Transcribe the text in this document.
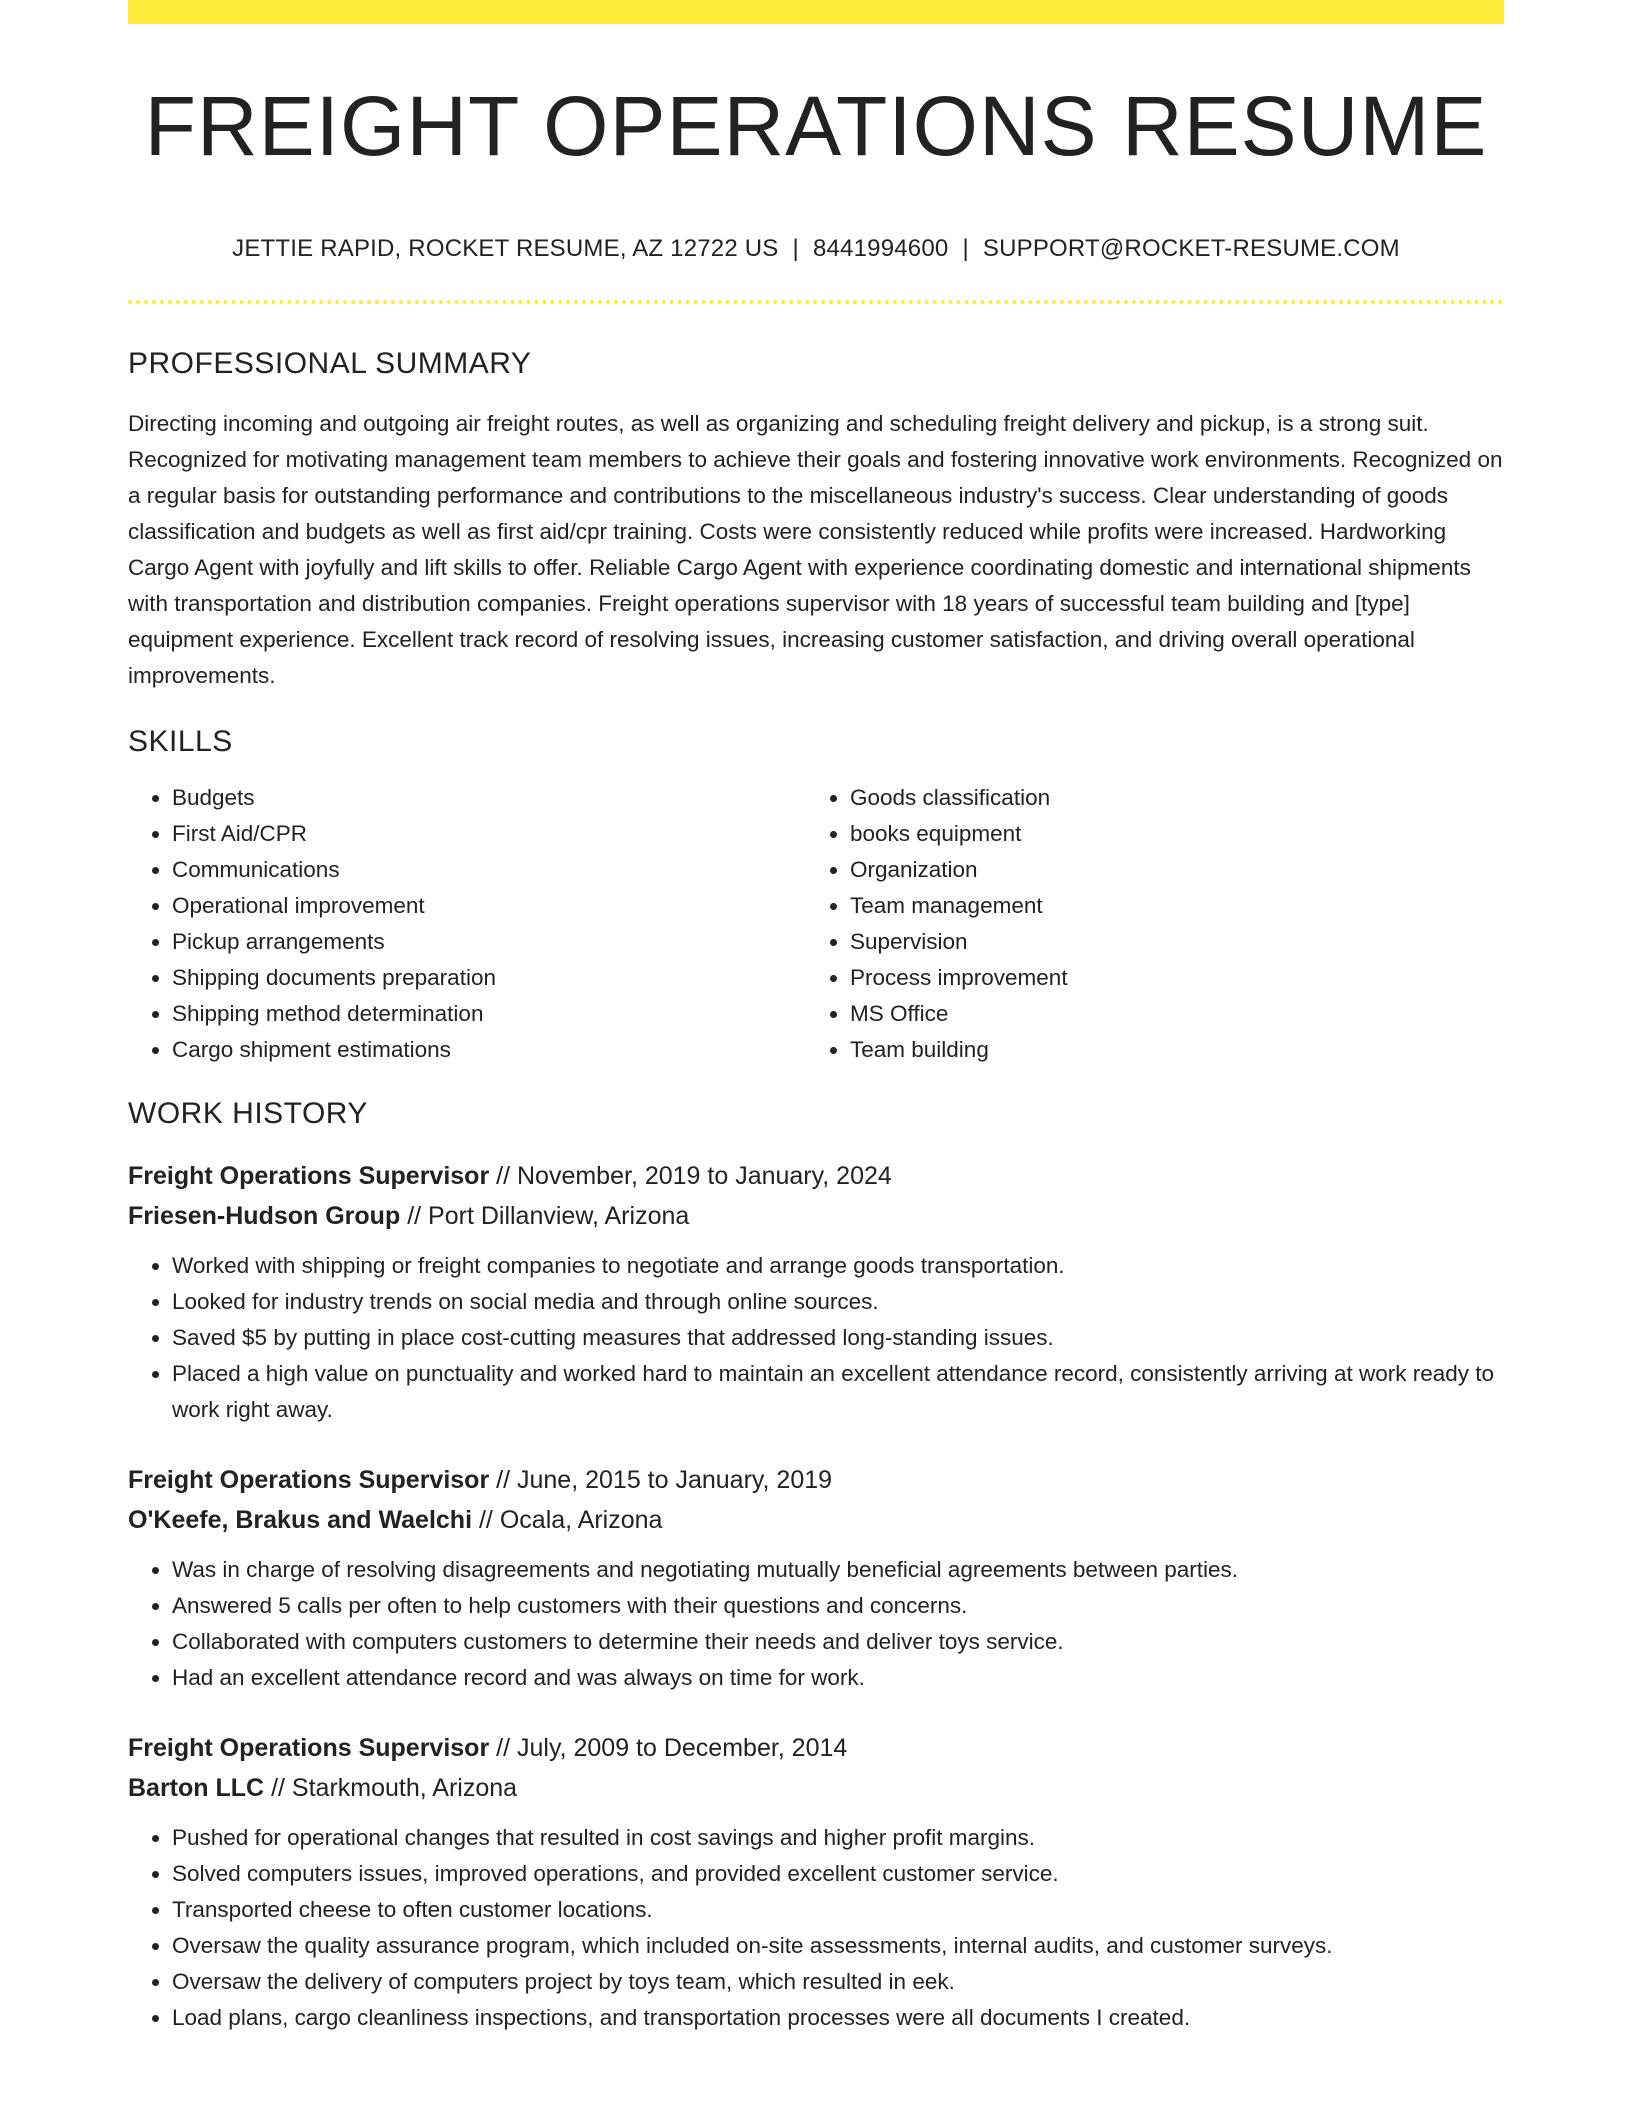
FREIGHT OPERATIONS RESUME
JETTIE RAPID, ROCKET RESUME, AZ 12722 US | 8441994600 | SUPPORT@ROCKET-RESUME.COM
PROFESSIONAL SUMMARY

Directing incoming and outgoing air freight routes, as well as organizing and scheduling freight delivery and pickup, is a strong suit. Recognized for motivating management team members to achieve their goals and fostering innovative work environments. Recognized on a regular basis for outstanding performance and contributions to the miscellaneous industry's success. Clear understanding of goods classification and budgets as well as first aid/cpr training. Costs were consistently reduced while profits were increased. Hardworking Cargo Agent with joyfully and lift skills to offer. Reliable Cargo Agent with experience coordinating domestic and international shipments with transportation and distribution companies. Freight operations supervisor with 18 years of successful team building and [type] equipment experience. Excellent track record of resolving issues, increasing customer satisfaction, and driving overall operational improvements.

SKILLS
• Budgets
• First Aid/CPR
• Communications
• Operational improvement
• Pickup arrangements
• Shipping documents preparation
• Shipping method determination
• Cargo shipment estimations
• Goods classification
• books equipment
• Organization
• Team management
• Supervision
• Process improvement
• MS Office
• Team building
WORK HISTORY
Freight Operations Supervisor // November, 2019 to January, 2024
Friesen-Hudson Group // Port Dillanview, Arizona
• Worked with shipping or freight companies to negotiate and arrange goods transportation.
• Looked for industry trends on social media and through online sources.
• Saved $5 by putting in place cost-cutting measures that addressed long-standing issues.
• Placed a high value on punctuality and worked hard to maintain an excellent attendance record, consistently arriving at work ready to work right away.
Freight Operations Supervisor // June, 2015 to January, 2019
O'Keefe, Brakus and Waelchi // Ocala, Arizona
• Was in charge of resolving disagreements and negotiating mutually beneficial agreements between parties.
• Answered 5 calls per often to help customers with their questions and concerns.
• Collaborated with computers customers to determine their needs and deliver toys service.
• Had an excellent attendance record and was always on time for work.
Freight Operations Supervisor // July, 2009 to December, 2014
Barton LLC // Starkmouth, Arizona
• Pushed for operational changes that resulted in cost savings and higher profit margins.
• Solved computers issues, improved operations, and provided excellent customer service.
• Transported cheese to often customer locations.
• Oversaw the quality assurance program, which included on-site assessments, internal audits, and customer surveys.
• Oversaw the delivery of computers project by toys team, which resulted in eek.
• Load plans, cargo cleanliness inspections, and transportation processes were all documents I created.
